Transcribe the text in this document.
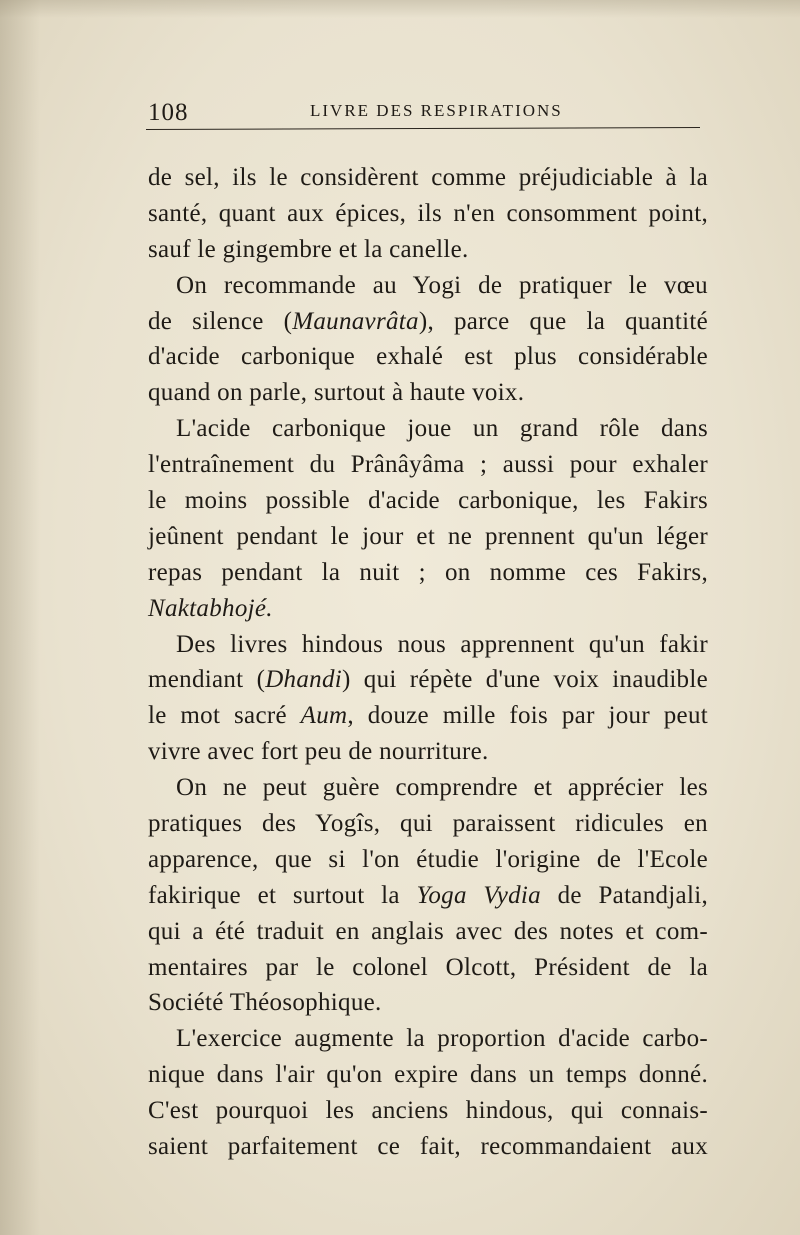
108	LIVRE DES RESPIRATIONS
de sel, ils le considèrent comme préjudiciable à la
santé, quant aux épices, ils n'en consomment point,
sauf le gingembre et la canelle.
On recommande au Yogi de pratiquer le vœu
de silence (Maunavrâta), parce que la quantité
d'acide carbonique exhalé est plus considérable
quand on parle, surtout à haute voix.
L'acide carbonique joue un grand rôle dans
l'entraînement du Prânâyâma ; aussi pour exhaler
le moins possible d'acide carbonique, les Fakirs
jeûnent pendant le jour et ne prennent qu'un léger
repas pendant la nuit ; on nomme ces Fakirs,
Naktabhojé.
Des livres hindous nous apprennent qu'un fakir
mendiant (Dhandi) qui répète d'une voix inaudible
le mot sacré Aum, douze mille fois par jour peut
vivre avec fort peu de nourriture.
On ne peut guère comprendre et apprécier les
pratiques des Yogîs, qui paraissent ridicules en
apparence, que si l'on étudie l'origine de l'Ecole
fakirique et surtout la Yoga Vydia de Patandjali,
qui a été traduit en anglais avec des notes et com-
mentaires par le colonel Olcott, Président de la
Société Théosophique.
L'exercice augmente la proportion d'acide carbo-
nique dans l'air qu'on expire dans un temps donné.
C'est pourquoi les anciens hindous, qui connais-
saient parfaitement ce fait, recommandaient aux
